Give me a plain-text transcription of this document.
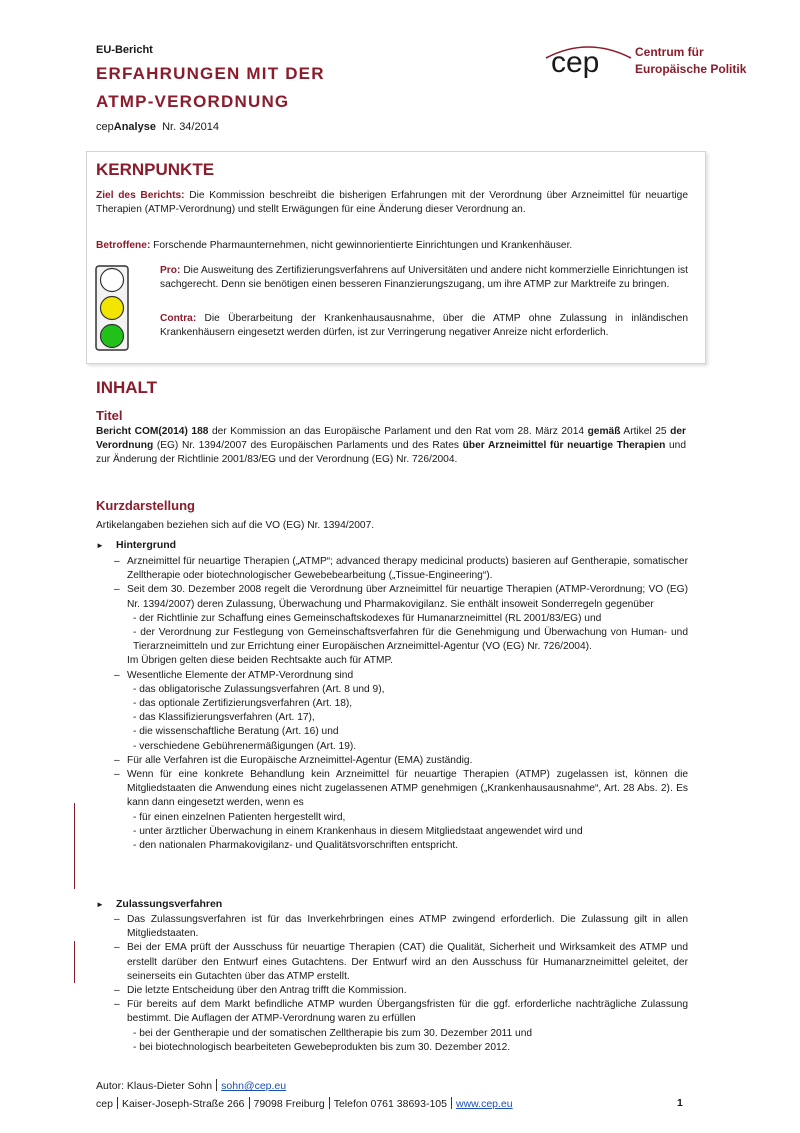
EU-Bericht
ERFAHRUNGEN MIT DER
ATMP-VERORDNUNG
cepAnalyse Nr. 34/2014
cep	Centrum für
Europäische Politik
KERNPUNKTE
Ziel des Berichts: Die Kommission beschreibt die bisherigen Erfahrungen mit der Verordnung über Arzneimittel für neuartige Therapien (ATMP-Verordnung) und stellt Erwägungen für eine Änderung dieser Verordnung an.
Betroffene: Forschende Pharmaunternehmen, nicht gewinnorientierte Einrichtungen und Krankenhäuser.
Pro: Die Ausweitung des Zertifizierungsverfahrens auf Universitäten und andere nicht kommerzielle Einrichtungen ist sachgerecht. Denn sie benötigen einen besseren Finanzierungszugang, um ihre ATMP zur Marktreife zu bringen.
Contra: Die Überarbeitung der Krankenhausausnahme, über die ATMP ohne Zulassung in inländischen Krankenhäusern eingesetzt werden dürfen, ist zur Verringerung negativer Anreize nicht erforderlich.
INHALT
Titel
Bericht COM(2014) 188 der Kommission an das Europäische Parlament und den Rat vom 28. März 2014 gemäß Artikel 25 der Verordnung (EG) Nr. 1394/2007 des Europäischen Parlaments und des Rates über Arzneimittel für neuartige Therapien und zur Änderung der Richtlinie 2001/83/EG und der Verordnung (EG) Nr. 726/2004.
Kurzdarstellung
Artikelangaben beziehen sich auf die VO (EG) Nr. 1394/2007.
► Hintergrund
– Arzneimittel für neuartige Therapien („ATMP“; advanced therapy medicinal products) basieren auf Gentherapie, somatischer Zelltherapie oder biotechnologischer Gewebebearbeitung („Tissue-Engineering“).
– Seit dem 30. Dezember 2008 regelt die Verordnung über Arzneimittel für neuartige Therapien (ATMP-Verordnung; VO (EG) Nr. 1394/2007) deren Zulassung, Überwachung und Pharmakovigilanz. Sie enthält insoweit Sonderregeln gegenüber
- der Richtlinie zur Schaffung eines Gemeinschaftskodexes für Humanarzneimittel (RL 2001/83/EG) und
- der Verordnung zur Festlegung von Gemeinschaftsverfahren für die Genehmigung und Überwachung von Human- und Tierarzneimitteln und zur Errichtung einer Europäischen Arzneimittel-Agentur (VO (EG) Nr. 726/2004).
Im Übrigen gelten diese beiden Rechtsakte auch für ATMP.
– Wesentliche Elemente der ATMP-Verordnung sind
- das obligatorische Zulassungsverfahren (Art. 8 und 9),
- das optionale Zertifizierungsverfahren (Art. 18),
- das Klassifizierungsverfahren (Art. 17),
- die wissenschaftliche Beratung (Art. 16) und
- verschiedene Gebührenermäßigungen (Art. 19).
– Für alle Verfahren ist die Europäische Arzneimittel-Agentur (EMA) zuständig.
– Wenn für eine konkrete Behandlung kein Arzneimittel für neuartige Therapien (ATMP) zugelassen ist, können die Mitgliedstaaten die Anwendung eines nicht zugelassenen ATMP genehmigen („Krankenhausausnahme“, Art. 28 Abs. 2). Es kann dann eingesetzt werden, wenn es
- für einen einzelnen Patienten hergestellt wird,
- unter ärztlicher Überwachung in einem Krankenhaus in diesem Mitgliedstaat angewendet wird und
- den nationalen Pharmakovigilanz- und Qualitätsvorschriften entspricht.
► Zulassungsverfahren
– Das Zulassungsverfahren ist für das Inverkehrbringen eines ATMP zwingend erforderlich. Die Zulassung gilt in allen Mitgliedstaaten.
– Bei der EMA prüft der Ausschuss für neuartige Therapien (CAT) die Qualität, Sicherheit und Wirksamkeit des ATMP und erstellt darüber den Entwurf eines Gutachtens. Der Entwurf wird an den Ausschuss für Humanarzneimittel geleitet, der seinerseits ein Gutachten über das ATMP erstellt.
– Die letzte Entscheidung über den Antrag trifft die Kommission.
– Für bereits auf dem Markt befindliche ATMP wurden Übergangsfristen für die ggf. erforderliche nachträgliche Zulassung bestimmt. Die Auflagen der ATMP-Verordnung waren zu erfüllen
- bei der Gentherapie und der somatischen Zelltherapie bis zum 30. Dezember 2011 und
- bei biotechnologisch bearbeiteten Gewebeprodukten bis zum 30. Dezember 2012.
Autor: Klaus-Dieter Sohn sohn@cep.eu
cep Kaiser-Joseph-Straße 266 79098 Freiburg Telefon 0761 38693-105 www.cep.eu	1
